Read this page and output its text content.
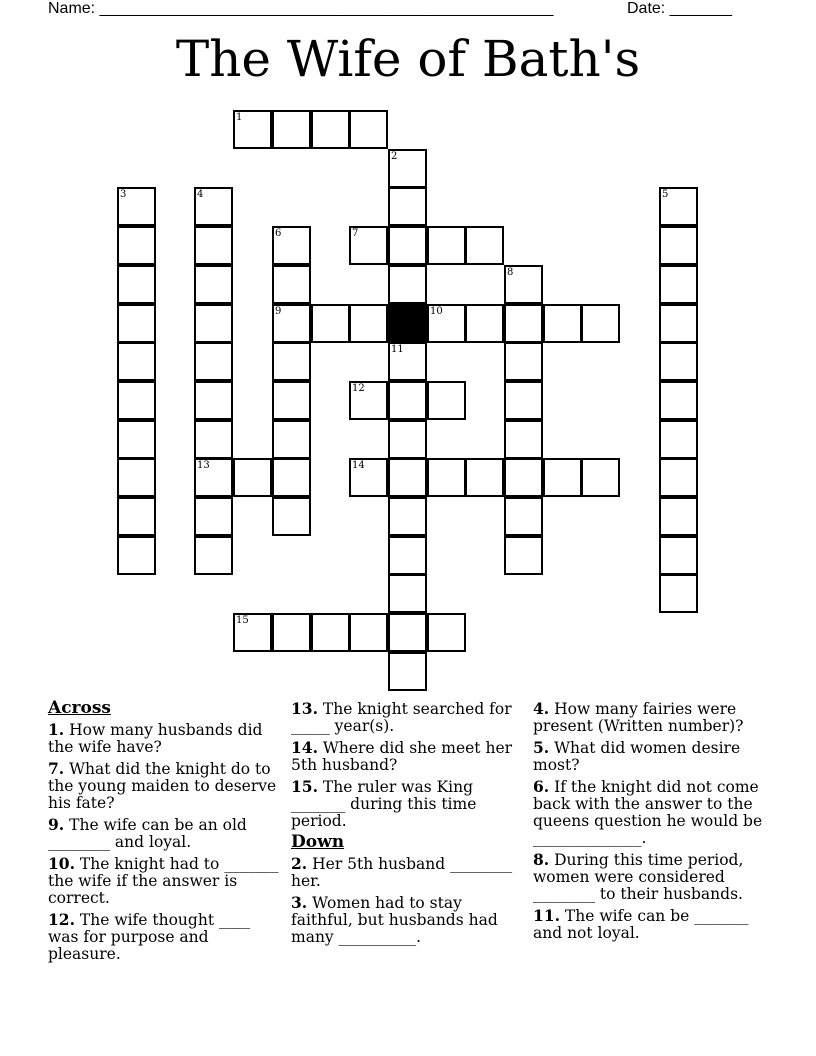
Name: ___________________________________________________	Date: _______
The Wife of Bath's
1
2
11
3	4
13
5
6
9
7
8
10
12
14
15
Across
1. How many husbands did the wife have?
7. What did the knight do to the young maiden to deserve his fate?
9. The wife can be an old ________ and loyal.
10. The knight had to _______ the wife if the answer is correct.
12. The wife thought ____ was for purpose and pleasure.
13. The knight searched for _____ year(s).
14. Where did she meet her 5th husband?
15. The ruler was King _______ during this time period.
Down
2. Her 5th husband ________ her.
3. Women had to stay faithful, but husbands had many __________.
4. How many fairies were present (Written number)?
5. What did women desire most?
6. If the knight did not come back with the answer to the queens question he would be ______________.
8. During this time period, women were considered ________ to their husbands.
11. The wife can be _______ and not loyal.
